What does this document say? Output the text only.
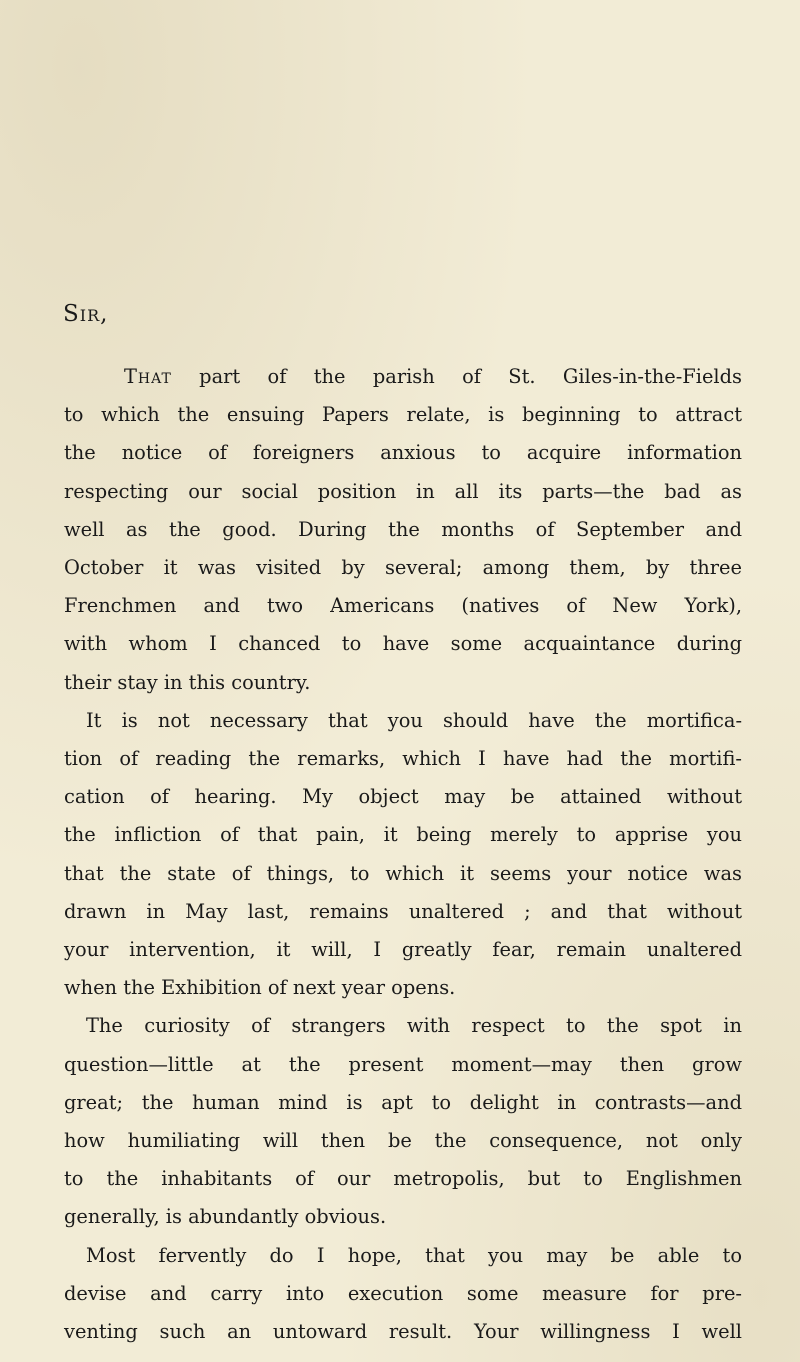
Sir,

That part of the parish of St. Giles-in-the-Fields
to which the ensuing Papers relate, is beginning to attract
the notice of foreigners anxious to acquire information
respecting our social position in all its parts—the bad as
well as the good. During the months of September and
October it was visited by several; among them, by three
Frenchmen and two Americans (natives of New York),
with whom I chanced to have some acquaintance during
their stay in this country.
It is not necessary that you should have the mortifica-
tion of reading the remarks, which I have had the mortifi-
cation of hearing. My object may be attained without
the infliction of that pain, it being merely to apprise you
that the state of things, to which it seems your notice was
drawn in May last, remains unaltered ; and that without
your intervention, it will, I greatly fear, remain unaltered
when the Exhibition of next year opens.
The curiosity of strangers with respect to the spot in
question—little at the present moment—may then grow
great; the human mind is apt to delight in contrasts—and
how humiliating will then be the consequence, not only
to the inhabitants of our metropolis, but to Englishmen
generally, is abundantly obvious.
Most fervently do I hope, that you may be able to
devise and carry into execution some measure for pre-
venting such an untoward result. Your willingness I well
